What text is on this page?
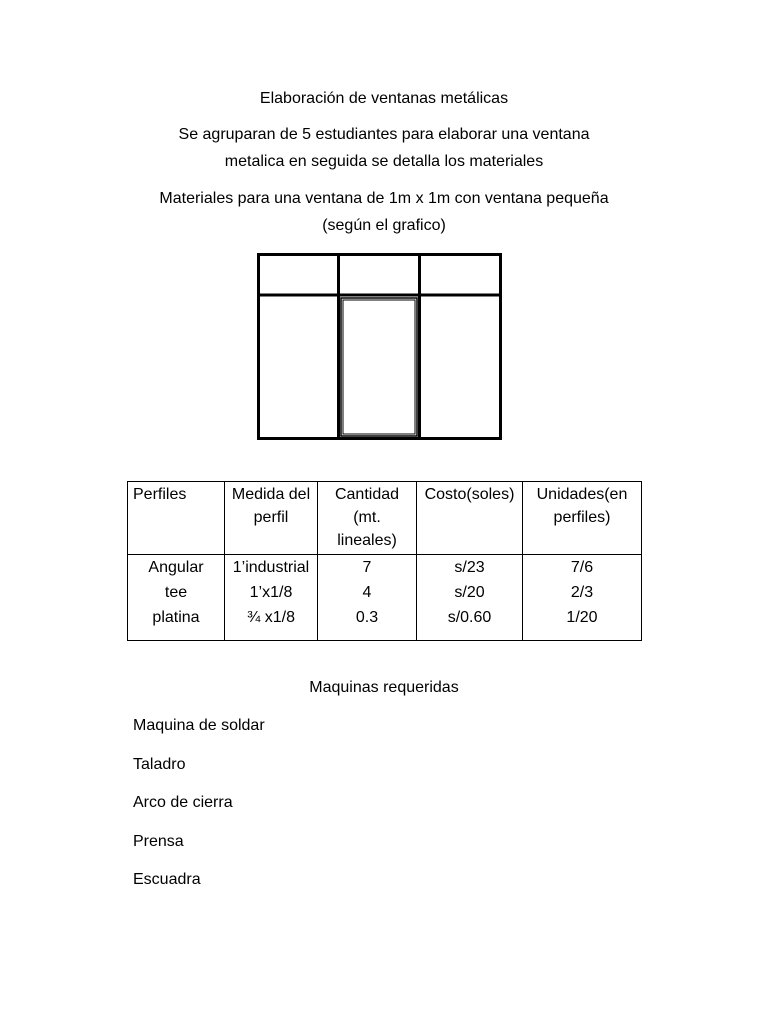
Elaboración de ventanas metálicas

Se agruparan de 5 estudiantes para elaborar una ventana
metalica en seguida se detalla los materiales

Materiales para una ventana de 1m x 1m con ventana pequeña
(según el grafico)

Perfiles	Medida del perfil	Cantidad (mt. lineales)	Costo(soles)	Unidades(en perfiles)
Angular	1’industrial	7	s/23	7/6
tee	1’x1/8	4	s/20	2/3
platina	¾ x1/8	0.3	s/0.60	1/20
Maquinas requeridas
Maquina de soldar
Taladro
Arco de cierra
Prensa
Escuadra
